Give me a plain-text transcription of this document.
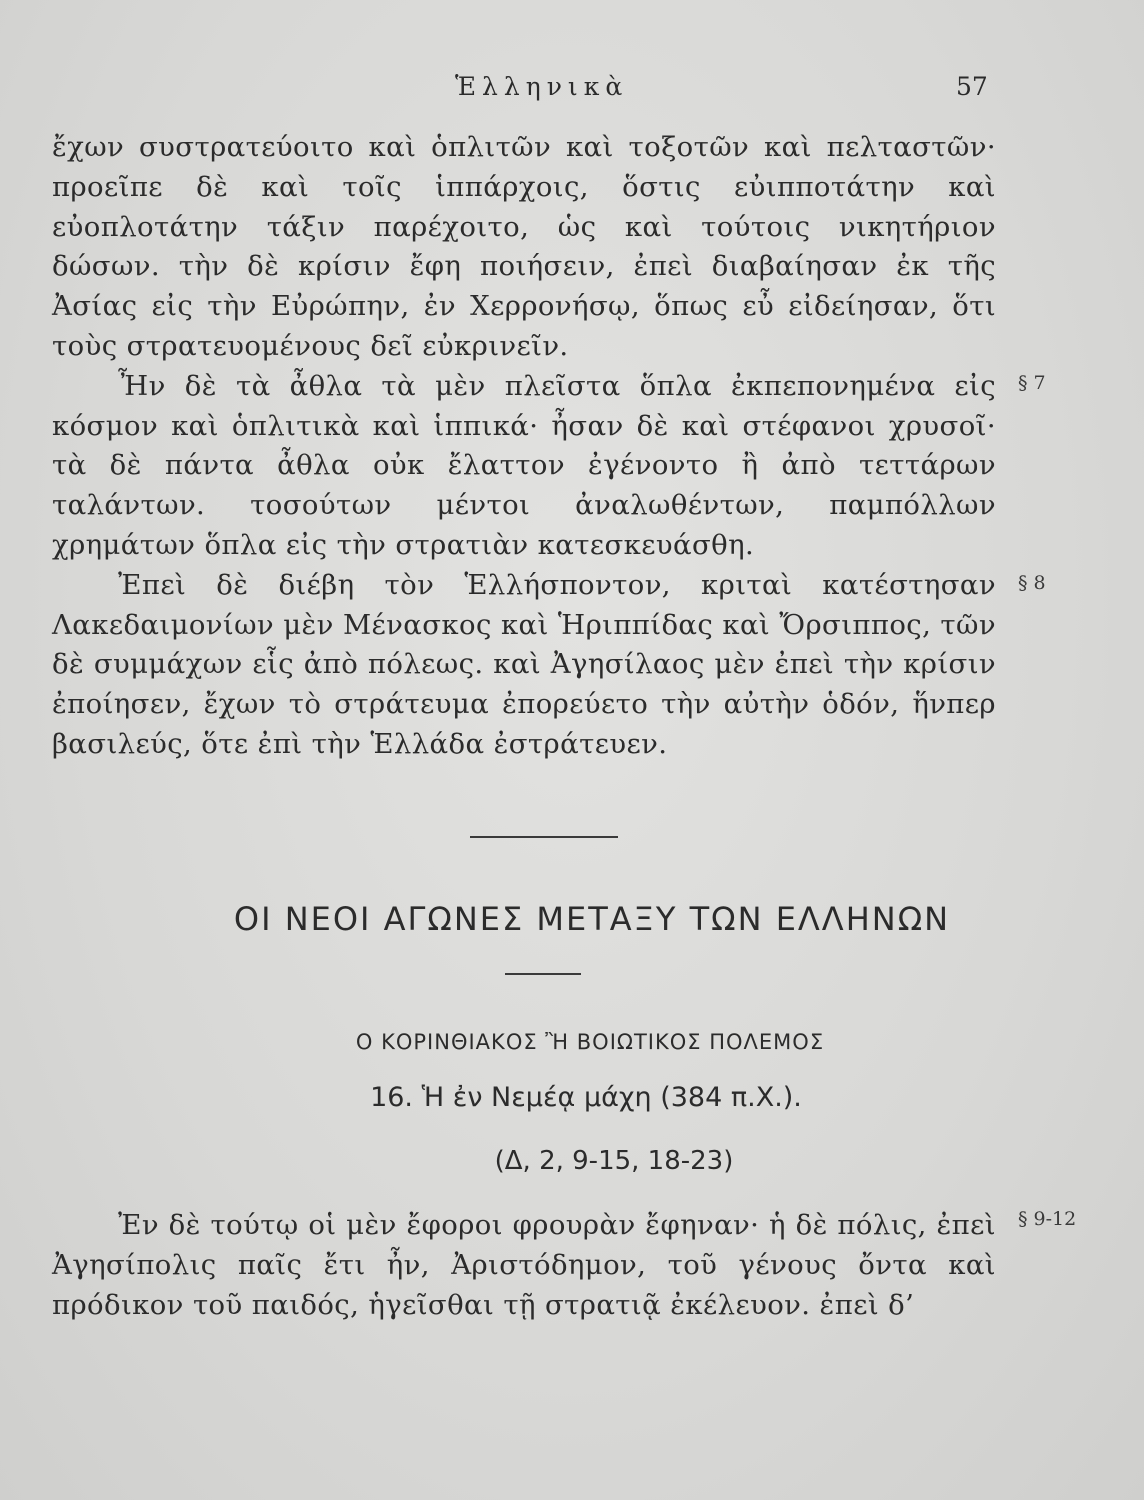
Ἑλληνικὰ	57

ἔχων συστρατεύοιτο καὶ ὁπλιτῶν καὶ τοξοτῶν καὶ πελταστῶν· προεῖπε δὲ καὶ τοῖς ἱππάρχοις, ὅστις εὐιπποτάτην καὶ εὐοπλοτάτην τάξιν παρέχοιτο, ὡς καὶ τούτοις νικητήριον δώσων. τὴν δὲ κρίσιν ἔφη ποιήσειν, ἐπεὶ διαβαίησαν ἐκ τῆς Ἀσίας εἰς τὴν Εὐρώπην, ἐν Χερρονήσῳ, ὅπως εὖ εἰδείησαν, ὅτι τοὺς στρατευομένους δεῖ εὐκρινεῖν.

Ἦν δὲ τὰ ἆθλα τὰ μὲν πλεῖστα ὅπλα ἐκπεπονημένα εἰς κόσμον καὶ ὁπλιτικὰ καὶ ἱππικά· ἦσαν δὲ καὶ στέφανοι χρυσοῖ· τὰ δὲ πάντα ἆθλα οὐκ ἔλαττον ἐγένοντο ἢ ἀπὸ τεττάρων ταλάντων. τοσούτων μέντοι ἀναλωθέντων, παμπόλλων χρημάτων ὅπλα εἰς τὴν στρατιὰν κατεσκευάσθη.

Ἐπεὶ δὲ διέβη τὸν Ἑλλήσποντον, κριταὶ κατέστησαν Λακεδαιμονίων μὲν Μένασκος καὶ Ἡριππίδας καὶ Ὄρσιππος, τῶν δὲ συμμάχων εἷς ἀπὸ πόλεως. καὶ Ἀγησίλαος μὲν ἐπεὶ τὴν κρίσιν ἐποίησεν, ἔχων τὸ στράτευμα ἐπορεύετο τὴν αὐτὴν ὁδόν, ἥνπερ βασιλεύς, ὅτε ἐπὶ τὴν Ἑλλάδα ἐστράτευεν.

§ 7
§ 8
ΟΙ ΝΕΟΙ ΑΓΩΝΕΣ ΜΕΤΑΞΥ ΤΩΝ ΕΛΛΗΝΩΝ
Ο ΚΟΡΙΝΘΙΑΚΟΣ Ἢ ΒΟΙΩΤΙΚΟΣ ΠΟΛΕΜΟΣ
16. Ἡ ἐν Νεμέᾳ μάχη (384 π.Χ.).
(Δ, 2, 9-15, 18-23)

Ἐν δὲ τούτῳ οἱ μὲν ἔφοροι φρουρὰν ἔφηναν· ἡ δὲ πόλις, ἐπεὶ Ἀγησίπολις παῖς ἔτι ἦν, Ἀριστόδημον, τοῦ γένους ὄντα καὶ πρόδικον τοῦ παιδός, ἡγεῖσθαι τῇ στρατιᾷ ἐκέλευον. ἐπεὶ δ’

§ 9-12
